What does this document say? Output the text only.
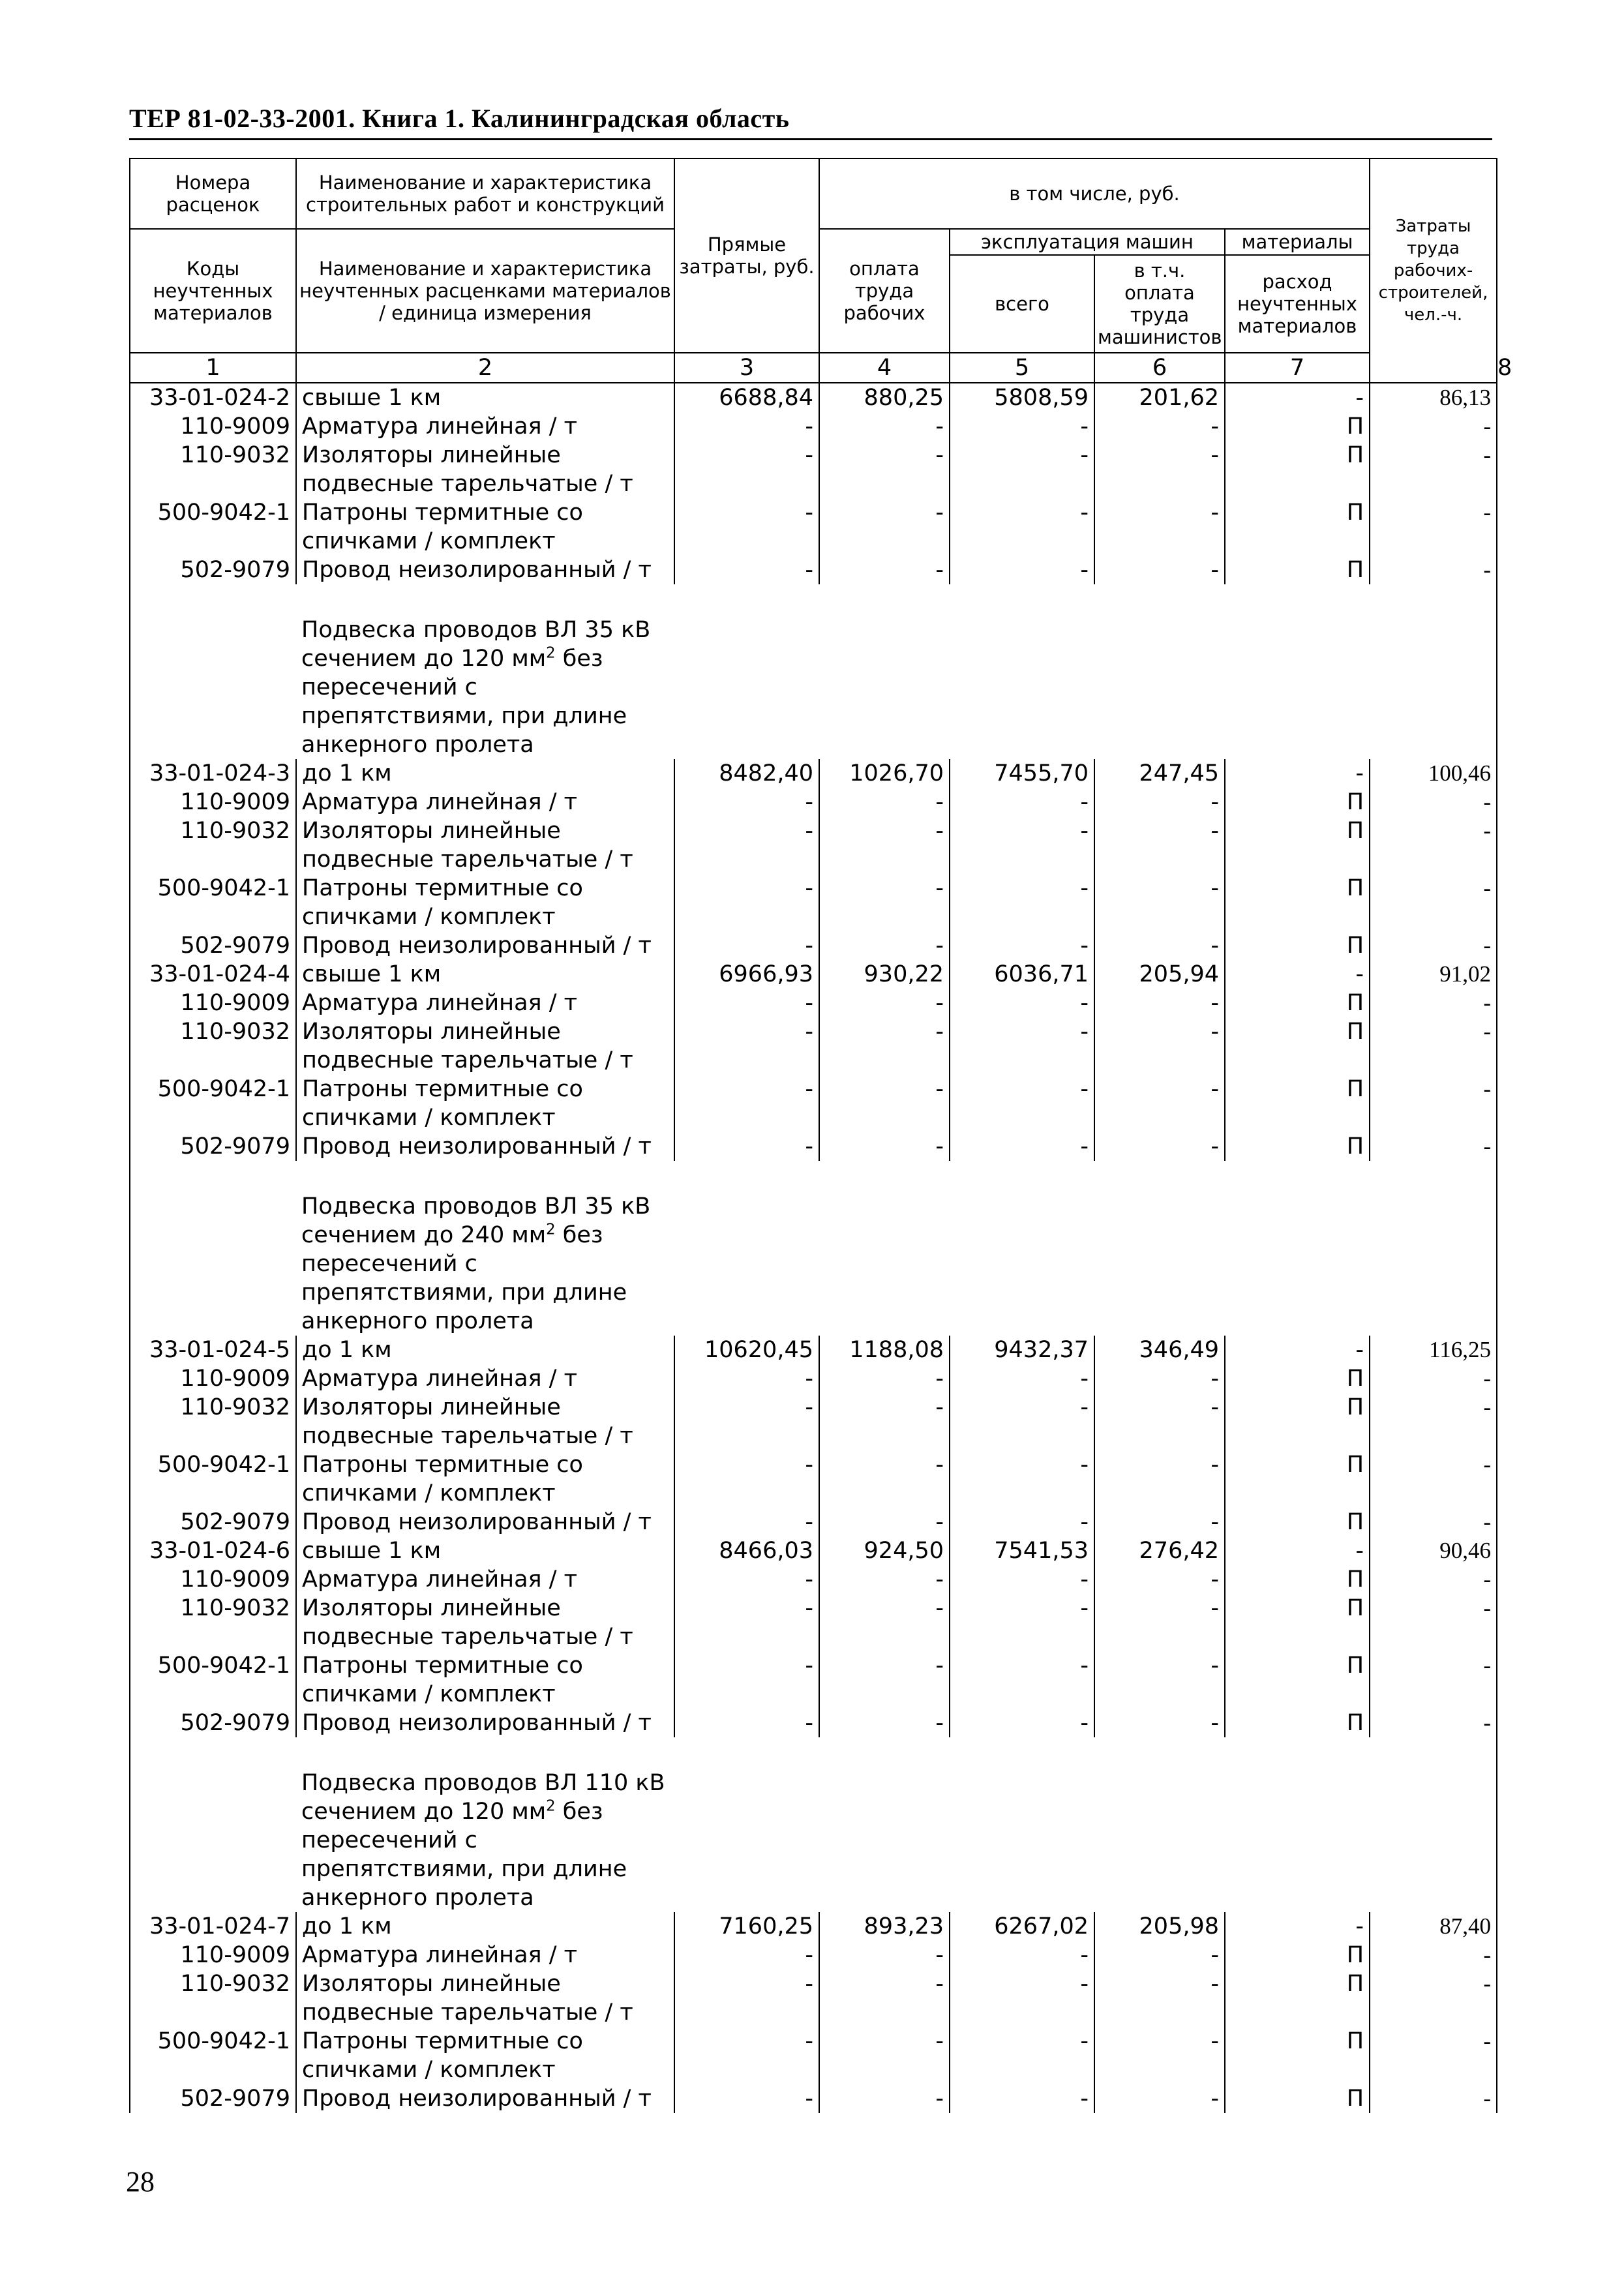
ТЕР 81-02-33-2001. Книга 1. Калининградская область
Номера расценок	Наименование и характеристика строительных работ и конструкций	Прямые затраты, руб.	в том числе, руб.				Затраты труда рабочих-строителей, чел.-ч.	
Коды неучтенных материалов	Наименование и характеристика неучтенных расценками материалов / единица измерения		оплата труда рабочих	эксплуатация машин		материалы		
				всего	в т.ч. оплата труда машинистов	расход неучтенных материалов		
1	2	3	4	5	6	7		8
33-01-024-2	свыше 1 км	6688,84	880,25	5808,59	201,62	-	86,13	
110-9009	Арматура линейная / т	-	-	-	-	П	-	
110-9032	Изоляторы линейные подвесные тарельчатые / т	-	-	-	-	П	-	
500-9042-1	Патроны термитные со спичками / комплект	-	-	-	-	П	-	
502-9079	Провод неизолированный / т	-	-	-	-	П	-	

	Подвеска проводов ВЛ 35 кВ сечением до 120 $мм^2$ без пересечений с препятствиями, при длине анкерного пролета							

33-01-024-3	до 1 км	8482,40	1026,70	7455,70	247,45	-	100,46	
110-9009	Арматура линейная / т	-	-	-	-	П	-	
110-9032	Изоляторы линейные подвесные тарельчатые / т	-	-	-	-	П	-	
500-9042-1	Патроны термитные со спичками / комплект	-	-	-	-	П	-	
502-9079	Провод неизолированный / т	-	-	-	-	П	-	
33-01-024-4	свыше 1 км	6966,93	930,22	6036,71	205,94	-	91,02	
110-9009	Арматура линейная / т	-	-	-	-	П	-	
110-9032	Изоляторы линейные подвесные тарельчатые / т	-	-	-	-	П	-	
500-9042-1	Патроны термитные со спичками / комплект	-	-	-	-	П	-	
502-9079	Провод неизолированный / т	-	-	-	-	П	-	

	Подвеска проводов ВЛ 35 кВ сечением до 240 $мм^2$ без пересечений с препятствиями, при длине анкерного пролета							

33-01-024-5	до 1 км	10620,45	1188,08	9432,37	346,49	-	116,25	
110-9009	Арматура линейная / т	-	-	-	-	П	-	
110-9032	Изоляторы линейные подвесные тарельчатые / т	-	-	-	-	П	-	
500-9042-1	Патроны термитные со спичками / комплект	-	-	-	-	П	-	
502-9079	Провод неизолированный / т	-	-	-	-	П	-	
33-01-024-6	свыше 1 км	8466,03	924,50	7541,53	276,42	-	90,46	
110-9009	Арматура линейная / т	-	-	-	-	П	-	
110-9032	Изоляторы линейные подвесные тарельчатые / т	-	-	-	-	П	-	
500-9042-1	Патроны термитные со спичками / комплект	-	-	-	-	П	-	
502-9079	Провод неизолированный / т	-	-	-	-	П	-	

	Подвеска проводов ВЛ 110 кВ сечением до 120 $мм^2$ без пересечений с препятствиями, при длине анкерного пролета							

33-01-024-7	до 1 км	7160,25	893,23	6267,02	205,98	-	87,40	
110-9009	Арматура линейная / т	-	-	-	-	П	-	
110-9032	Изоляторы линейные подвесные тарельчатые / т	-	-	-	-	П	-	
500-9042-1	Патроны термитные со спичками / комплект	-	-	-	-	П	-	
502-9079	Провод неизолированный / т	-	-	-	-	П	-	
28
